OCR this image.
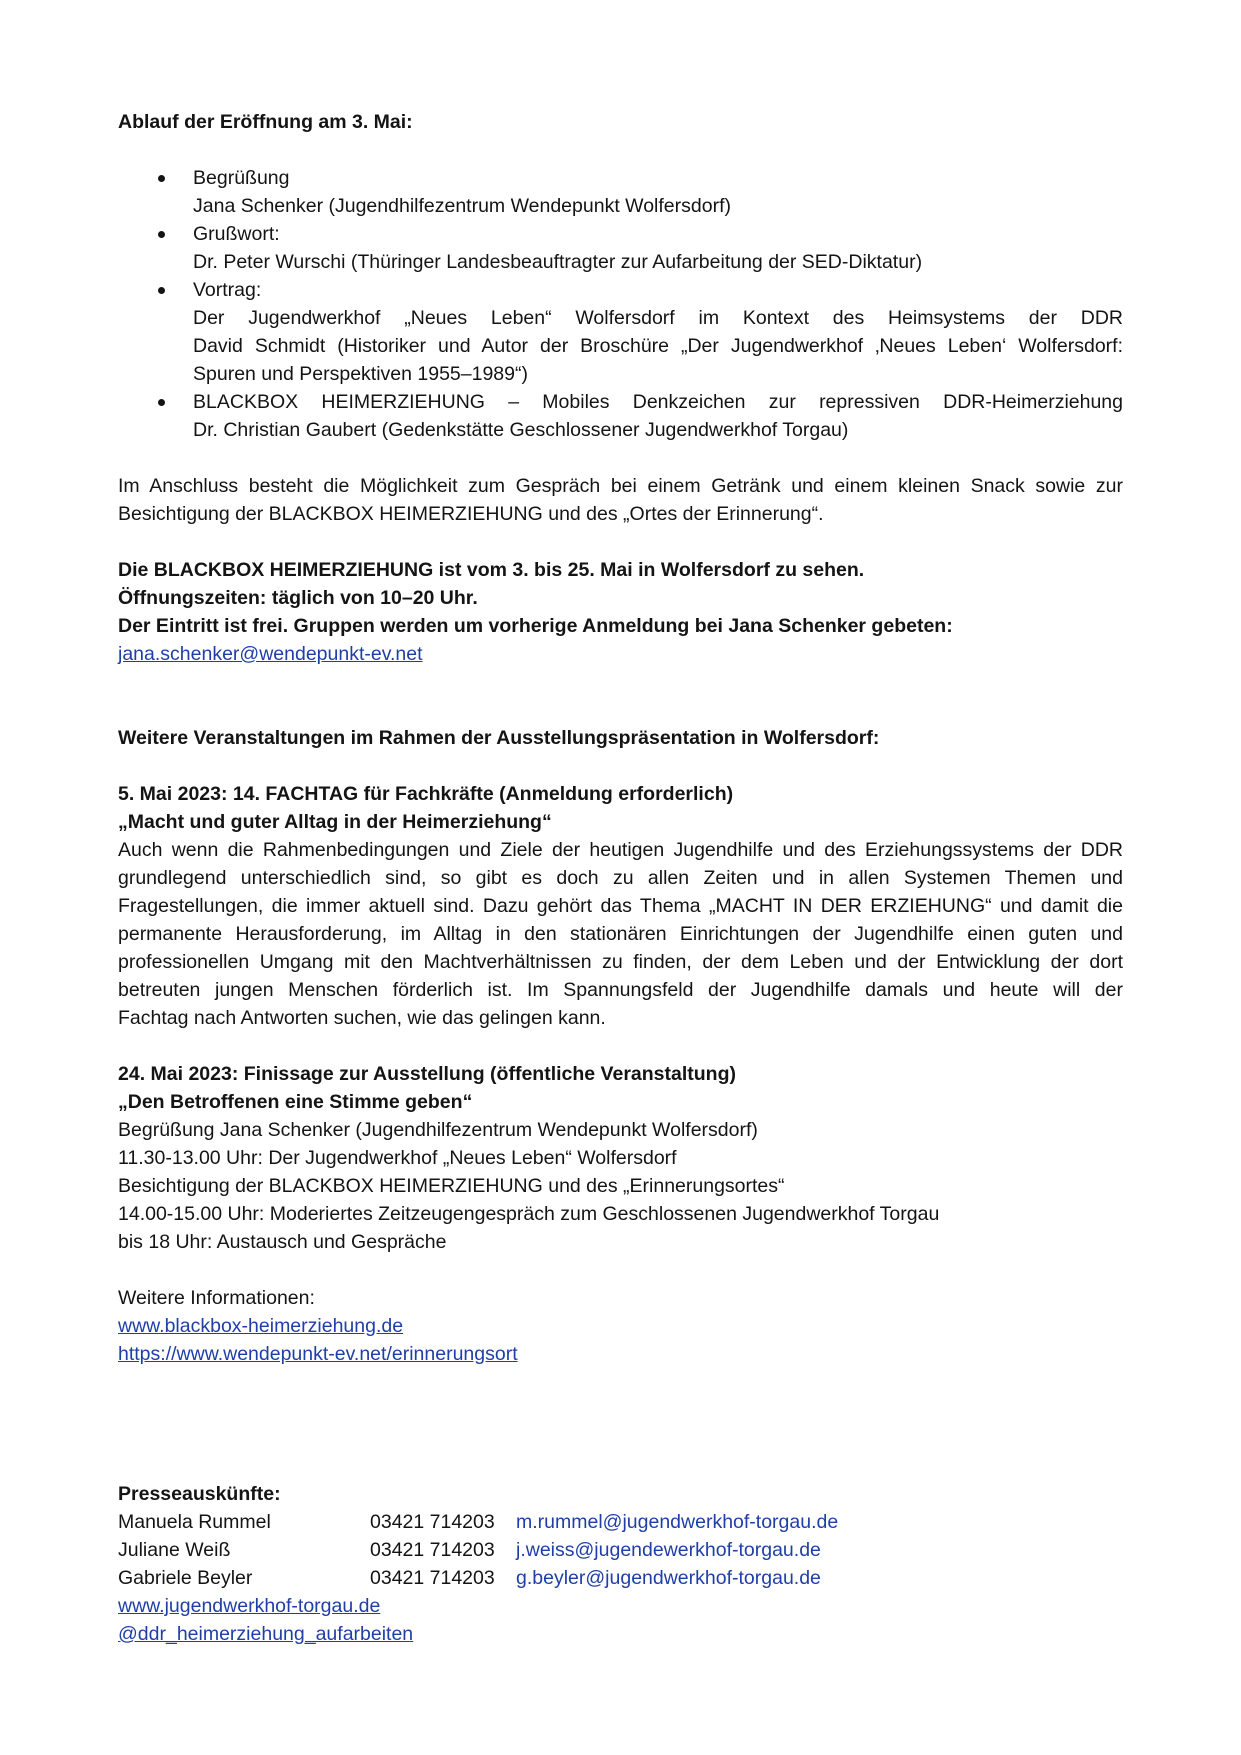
Ablauf der Eröffnung am 3. Mai:
Begrüßung
Jana Schenker (Jugendhilfezentrum Wendepunkt Wolfersdorf)
Grußwort:
Dr. Peter Wurschi (Thüringer Landesbeauftragter zur Aufarbeitung der SED-Diktatur)
Vortrag:
Der Jugendwerkhof „Neues Leben“ Wolfersdorf im Kontext des Heimsystems der DDR
David Schmidt (Historiker und Autor der Broschüre „Der Jugendwerkhof ‚Neues Leben‘ Wolfersdorf:
Spuren und Perspektiven 1955–1989“)
BLACKBOX HEIMERZIEHUNG – Mobiles Denkzeichen zur repressiven DDR-Heimerziehung
Dr. Christian Gaubert (Gedenkstätte Geschlossener Jugendwerkhof Torgau)
Im Anschluss besteht die Möglichkeit zum Gespräch bei einem Getränk und einem kleinen Snack sowie zur
Besichtigung der BLACKBOX HEIMERZIEHUNG und des „Ortes der Erinnerung“.
Die BLACKBOX HEIMERZIEHUNG ist vom 3. bis 25. Mai in Wolfersdorf zu sehen.
Öffnungszeiten: täglich von 10–20 Uhr.
Der Eintritt ist frei. Gruppen werden um vorherige Anmeldung bei Jana Schenker gebeten:
jana.schenker@wendepunkt-ev.net
Weitere Veranstaltungen im Rahmen der Ausstellungspräsentation in Wolfersdorf:
5. Mai 2023: 14. FACHTAG für Fachkräfte (Anmeldung erforderlich)
„Macht und guter Alltag in der Heimerziehung“
Auch wenn die Rahmenbedingungen und Ziele der heutigen Jugendhilfe und des Erziehungssystems der DDR
grundlegend unterschiedlich sind, so gibt es doch zu allen Zeiten und in allen Systemen Themen und
Fragestellungen, die immer aktuell sind. Dazu gehört das Thema „MACHT IN DER ERZIEHUNG“ und damit die
permanente Herausforderung, im Alltag in den stationären Einrichtungen der Jugendhilfe einen guten und
professionellen Umgang mit den Machtverhältnissen zu finden, der dem Leben und der Entwicklung der dort
betreuten jungen Menschen förderlich ist. Im Spannungsfeld der Jugendhilfe damals und heute will der
Fachtag nach Antworten suchen, wie das gelingen kann.
24. Mai 2023: Finissage zur Ausstellung (öffentliche Veranstaltung)
„Den Betroffenen eine Stimme geben“
Begrüßung Jana Schenker (Jugendhilfezentrum Wendepunkt Wolfersdorf)
11.30-13.00 Uhr: Der Jugendwerkhof „Neues Leben“ Wolfersdorf
Besichtigung der BLACKBOX HEIMERZIEHUNG und des „Erinnerungsortes“
14.00-15.00 Uhr: Moderiertes Zeitzeugengespräch zum Geschlossenen Jugendwerkhof Torgau
bis 18 Uhr: Austausch und Gespräche
Weitere Informationen:
www.blackbox-heimerziehung.de
https://www.wendepunkt-ev.net/erinnerungsort
Presseauskünfte:
Manuela Rummel	03421 714203	m.rummel@jugendwerkhof-torgau.de
Juliane Weiß	03421 714203	j.weiss@jugendewerkhof-torgau.de
Gabriele Beyler	03421 714203	g.beyler@jugendwerkhof-torgau.de
www.jugendwerkhof-torgau.de
@ddr_heimerziehung_aufarbeiten
